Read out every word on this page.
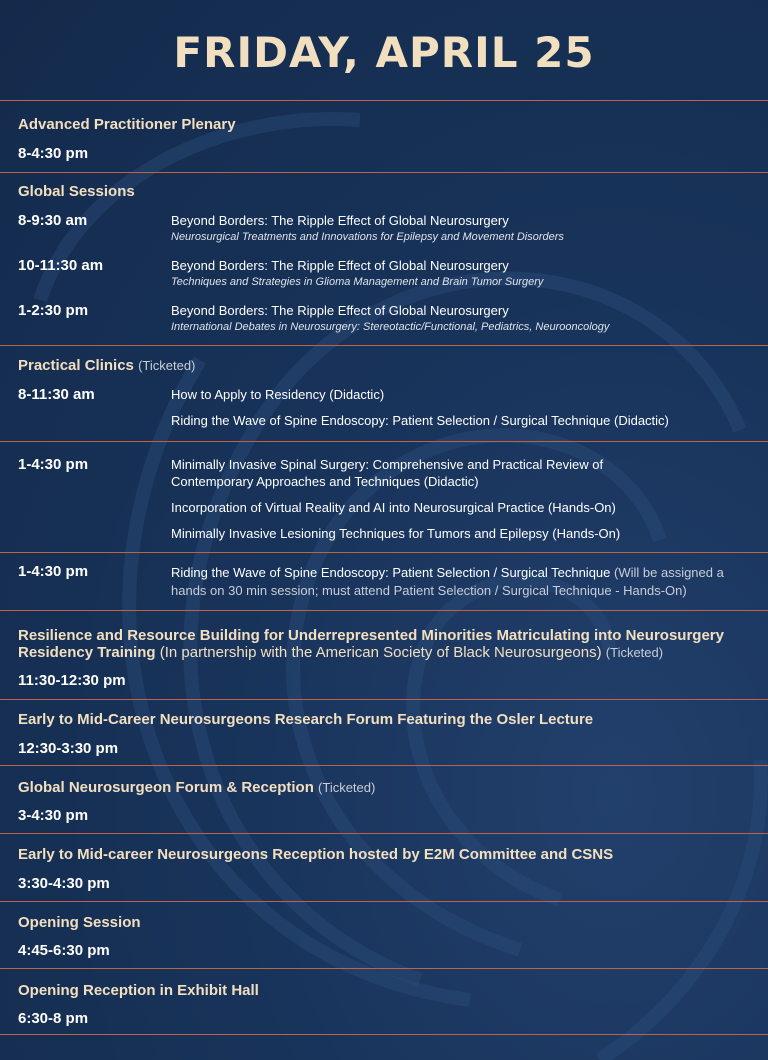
FRIDAY, APRIL 25
Advanced Practitioner Plenary
8-4:30 pm
Global Sessions
8-9:30 am	Beyond Borders: The Ripple Effect of Global Neurosurgery
Neurosurgical Treatments and Innovations for Epilepsy and Movement Disorders
10-11:30 am	Beyond Borders: The Ripple Effect of Global Neurosurgery
Techniques and Strategies in Glioma Management and Brain Tumor Surgery
1-2:30 pm	Beyond Borders: The Ripple Effect of Global Neurosurgery
International Debates in Neurosurgery: Stereotactic/Functional, Pediatrics, Neurooncology
Practical Clinics (Ticketed)
8-11:30 am	How to Apply to Residency (Didactic)
Riding the Wave of Spine Endoscopy: Patient Selection / Surgical Technique (Didactic)
1-4:30 pm	Minimally Invasive Spinal Surgery: Comprehensive and Practical Review of
Contemporary Approaches and Techniques (Didactic)
Incorporation of Virtual Reality and AI into Neurosurgical Practice (Hands-On)
Minimally Invasive Lesioning Techniques for Tumors and Epilepsy (Hands-On)
1-4:30 pm	Riding the Wave of Spine Endoscopy: Patient Selection / Surgical Technique (Will be assigned a
hands on 30 min session; must attend Patient Selection / Surgical Technique - Hands-On)
Resilience and Resource Building for Underrepresented Minorities Matriculating into Neurosurgery
Residency Training (In partnership with the American Society of Black Neurosurgeons) (Ticketed)
11:30-12:30 pm
Early to Mid-Career Neurosurgeons Research Forum Featuring the Osler Lecture
12:30-3:30 pm
Global Neurosurgeon Forum & Reception (Ticketed)
3-4:30 pm
Early to Mid-career Neurosurgeons Reception hosted by E2M Committee and CSNS
3:30-4:30 pm
Opening Session
4:45-6:30 pm
Opening Reception in Exhibit Hall
6:30-8 pm
